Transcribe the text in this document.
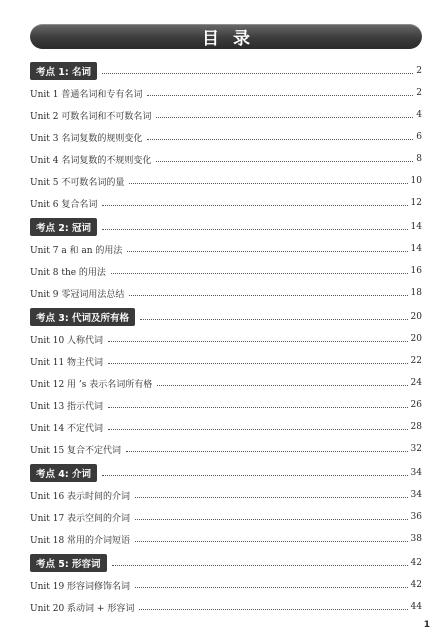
目录
考点 1: 名词	2
Unit 1 普通名词和专有名词	2
Unit 2 可数名词和不可数名词	4
Unit 3 名词复数的规则变化	6
Unit 4 名词复数的不规则变化	8
Unit 5 不可数名词的量	10
Unit 6 复合名词	12
考点 2: 冠词	14
Unit 7 a 和 an 的用法	14
Unit 8 the 的用法	16
Unit 9 零冠词用法总结	18
考点 3: 代词及所有格	20
Unit 10 人称代词	20
Unit 11 物主代词	22
Unit 12 用 ’s 表示名词所有格	24
Unit 13 指示代词	26
Unit 14 不定代词	28
Unit 15 复合不定代词	32
考点 4: 介词	34
Unit 16 表示时间的介词	34
Unit 17 表示空间的介词	36
Unit 18 常用的介词短语	38
考点 5: 形容词	42
Unit 19 形容词修饰名词	42
Unit 20 系动词 + 形容词	44
1
